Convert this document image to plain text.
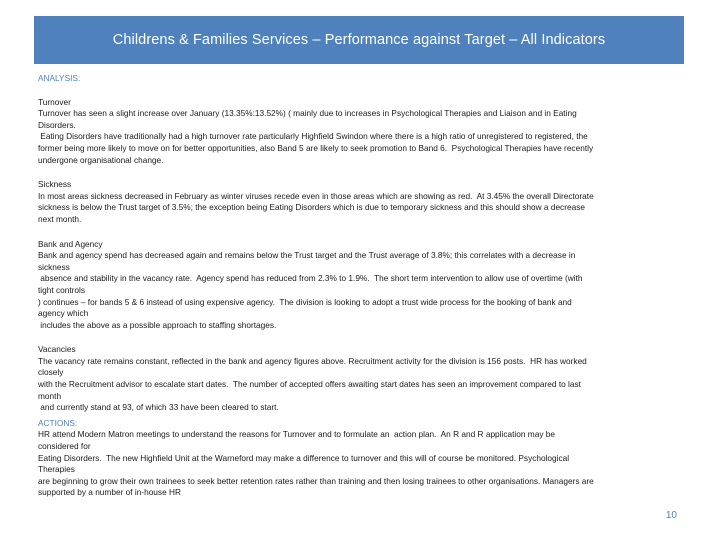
Childrens & Families Services – Performance against Target – All Indicators
ANALYSIS:
Turnover
Turnover has seen a slight increase over January (13.35%:13.52%) ( mainly due to increases in Psychological Therapies and Liaison and in Eating
Disorders.
Eating Disorders have traditionally had a high turnover rate particularly Highfield Swindon where there is a high ratio of unregistered to registered, the
former being more likely to move on for better opportunities, also Band 5 are likely to seek promotion to Band 6.  Psychological Therapies have recently
undergone organisational change.
Sickness
In most areas sickness decreased in February as winter viruses recede even in those areas which are showing as red.  At 3.45% the overall Directorate
sickness is below the Trust target of 3.5%; the exception being Eating Disorders which is due to temporary sickness and this should show a decrease
next month.
Bank and Agency
Bank and agency spend has decreased again and remains below the Trust target and the Trust average of 3.8%; this correlates with a decrease in
sickness
absence and stability in the vacancy rate.  Agency spend has reduced from 2.3% to 1.9%.  The short term intervention to allow use of overtime (with
tight controls
) continues – for bands 5 & 6 instead of using expensive agency.  The division is looking to adopt a trust wide process for the booking of bank and
agency which
includes the above as a possible approach to staffing shortages.
Vacancies
The vacancy rate remains constant, reflected in the bank and agency figures above. Recruitment activity for the division is 156 posts.  HR has worked
closely
with the Recruitment advisor to escalate start dates.  The number of accepted offers awaiting start dates has seen an improvement compared to last
month
and currently stand at 93, of which 33 have been cleared to start.
ACTIONS:
HR attend Modern Matron meetings to understand the reasons for Turnover and to formulate an  action plan.  An R and R application may be
considered for
Eating Disorders.  The new Highfield Unit at the Warneford may make a difference to turnover and this will of course be monitored. Psychological
Therapies
are beginning to grow their own trainees to seek better retention rates rather than training and then losing trainees to other organisations. Managers are
supported by a number of in-house HR
10
